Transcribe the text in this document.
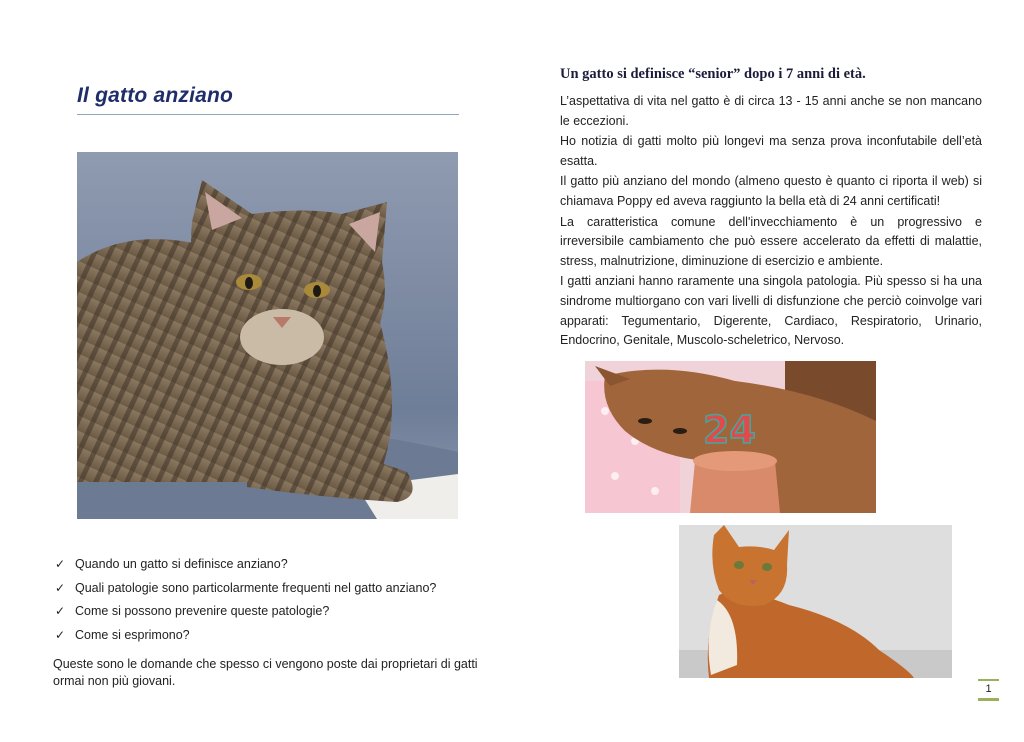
Il gatto anziano
✓ Quando un gatto si definisce anziano?
✓ Quali patologie sono particolarmente frequenti nel gatto anziano?
✓ Come si possono prevenire queste patologie?
✓ Come si esprimono?
Queste sono le domande che spesso ci vengono poste dai proprietari di gatti ormai non più giovani.
Un gatto si definisce “senior” dopo i 7 anni di età.

L’aspettativa di vita nel gatto è di circa 13 - 15 anni anche se non mancano le eccezioni.

Ho notizia di gatti molto più longevi ma senza prova inconfutabile dell’età esatta.

Il gatto più anziano del mondo (almeno questo è quanto ci riporta il web) si chiamava Poppy ed aveva raggiunto la bella età di 24 anni certificati!

La caratteristica comune dell'invecchiamento è un progressivo e irreversibile cambiamento che può essere accelerato da effetti di malattie, stress, malnutrizione, diminuzione di esercizio e ambiente.

I gatti anziani hanno raramente una singola patologia. Più spesso si ha una sindrome multiorgano con vari livelli di disfunzione che perciò coinvolge vari apparati: Tegumentario, Digerente, Cardiaco, Respiratorio, Urinario, Endocrino, Genitale, Muscolo-scheletrico, Nervoso.

24
1
